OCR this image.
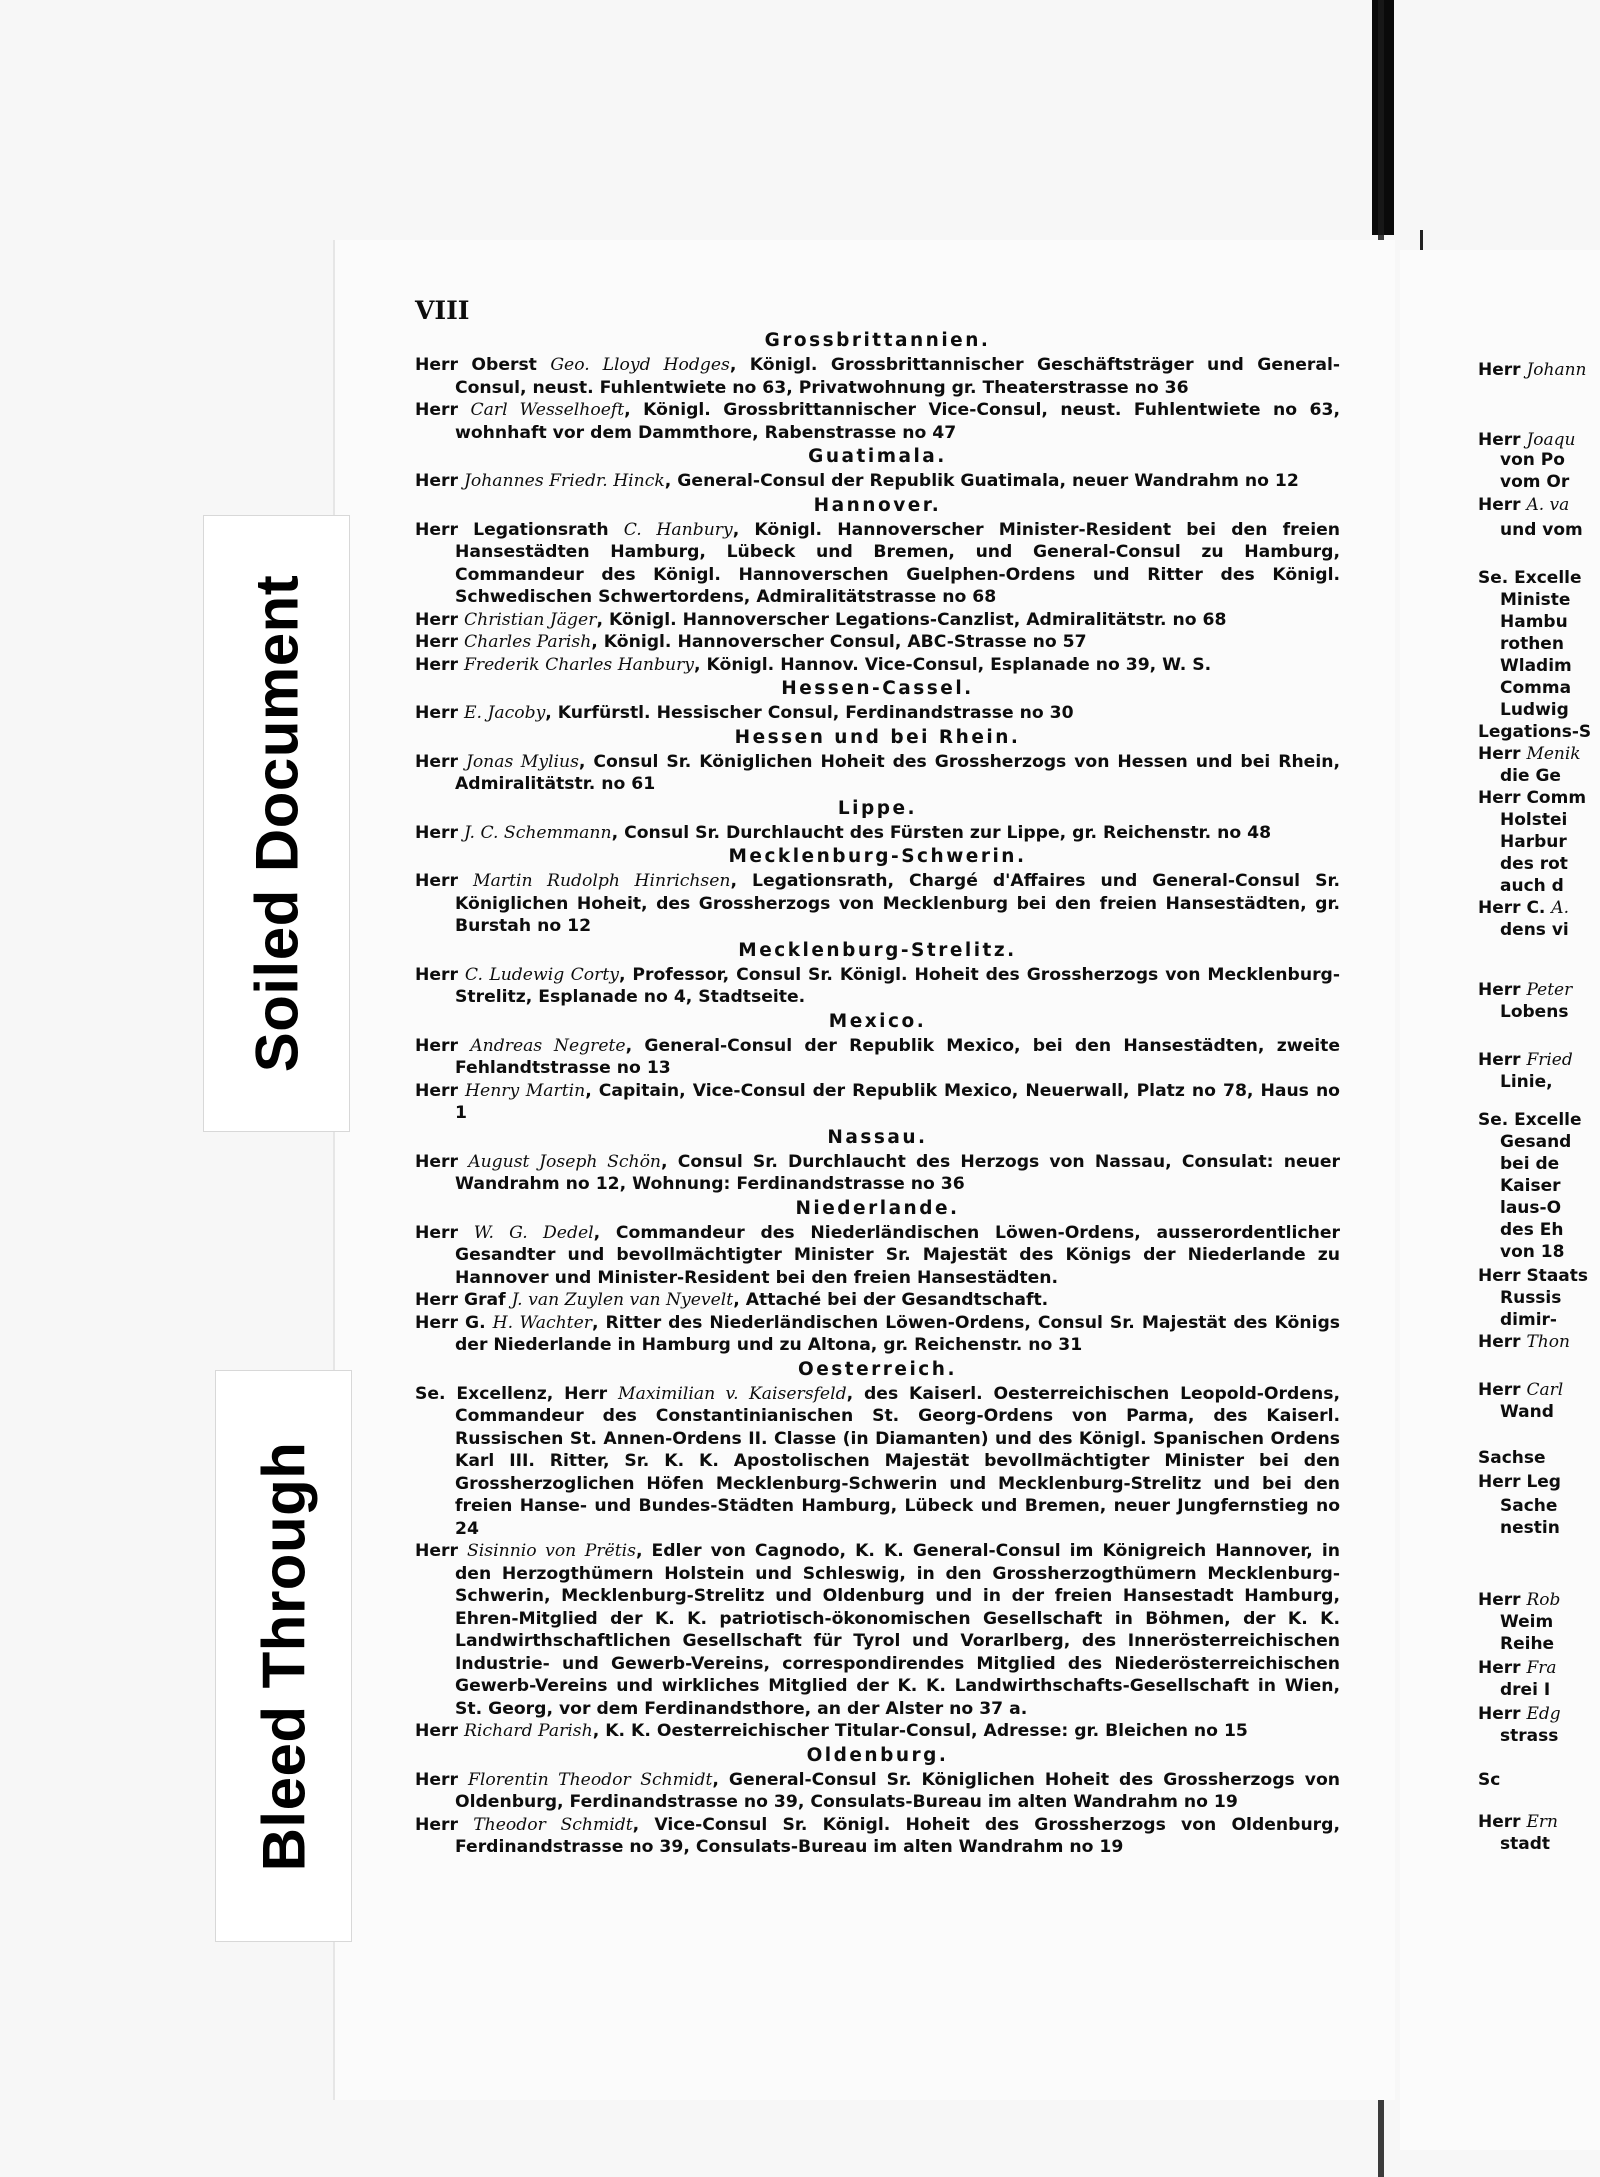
VIII
Grossbrittannien.
Herr Oberst Geo. Lloyd Hodges, Königl. Grossbrittannischer Geschäftsträger und General-Consul, neust. Fuhlentwiete no 63, Privatwohnung gr. Theaterstrasse no 36
Herr Carl Wesselhoeft, Königl. Grossbrittannischer Vice-Consul, neust. Fuhlentwiete no 63, wohnhaft vor dem Dammthore, Rabenstrasse no 47
Guatimala.
Herr Johannes Friedr. Hinck, General-Consul der Republik Guatimala, neuer Wandrahm no 12
Hannover.
Herr Legationsrath C. Hanbury, Königl. Hannoverscher Minister-Resident bei den freien Hansestädten Hamburg, Lübeck und Bremen, und General-Consul zu Hamburg, Commandeur des Königl. Hannoverschen Guelphen-Ordens und Ritter des Königl. Schwedischen Schwertordens, Admiralitätstrasse no 68
Herr Christian Jäger, Königl. Hannoverscher Legations-Canzlist, Admiralitätstr. no 68
Herr Charles Parish, Königl. Hannoverscher Consul, ABC-Strasse no 57
Herr Frederik Charles Hanbury, Königl. Hannov. Vice-Consul, Esplanade no 39, W. S.
Hessen-Cassel.
Herr E. Jacoby, Kurfürstl. Hessischer Consul, Ferdinandstrasse no 30
Hessen und bei Rhein.
Herr Jonas Mylius, Consul Sr. Königlichen Hoheit des Grossherzogs von Hessen und bei Rhein, Admiralitätstr. no 61
Lippe.
Herr J. C. Schemmann, Consul Sr. Durchlaucht des Fürsten zur Lippe, gr. Reichenstr. no 48
Mecklenburg-Schwerin.
Herr Martin Rudolph Hinrichsen, Legationsrath, Chargé d'Affaires und General-Consul Sr. Königlichen Hoheit, des Grossherzogs von Mecklenburg bei den freien Hansestädten, gr. Burstah no 12
Mecklenburg-Strelitz.
Herr C. Ludewig Corty, Professor, Consul Sr. Königl. Hoheit des Grossherzogs von Mecklenburg-Strelitz, Esplanade no 4, Stadtseite.
Mexico.
Herr Andreas Negrete, General-Consul der Republik Mexico, bei den Hansestädten, zweite Fehlandtstrasse no 13
Herr Henry Martin, Capitain, Vice-Consul der Republik Mexico, Neuerwall, Platz no 78, Haus no 1
Nassau.
Herr August Joseph Schön, Consul Sr. Durchlaucht des Herzogs von Nassau, Consulat: neuer Wandrahm no 12, Wohnung: Ferdinandstrasse no 36
Niederlande.
Herr W. G. Dedel, Commandeur des Niederländischen Löwen-Ordens, ausserordentlicher Gesandter und bevollmächtigter Minister Sr. Majestät des Königs der Niederlande zu Hannover und Minister-Resident bei den freien Hansestädten.
Herr Graf J. van Zuylen van Nyevelt, Attaché bei der Gesandtschaft.
Herr G. H. Wachter, Ritter des Niederländischen Löwen-Ordens, Consul Sr. Majestät des Königs der Niederlande in Hamburg und zu Altona, gr. Reichenstr. no 31
Oesterreich.
Se. Excellenz, Herr Maximilian v. Kaisersfeld, des Kaiserl. Oesterreichischen Leopold-Ordens, Commandeur des Constantinianischen St. Georg-Ordens von Parma, des Kaiserl. Russischen St. Annen-Ordens II. Classe (in Diamanten) und des Königl. Spanischen Ordens Karl III. Ritter, Sr. K. K. Apostolischen Majestät bevollmächtigter Minister bei den Grossherzoglichen Höfen Mecklenburg-Schwerin und Mecklenburg-Strelitz und bei den freien Hanse- und Bundes-Städten Hamburg, Lübeck und Bremen, neuer Jungfernstieg no 24
Herr Sisinnio von Prëtis, Edler von Cagnodo, K. K. General-Consul im Königreich Hannover, in den Herzogthümern Holstein und Schleswig, in den Grossherzogthümern Mecklenburg-Schwerin, Mecklenburg-Strelitz und Oldenburg und in der freien Hansestadt Hamburg, Ehren-Mitglied der K. K. patriotisch-ökonomischen Gesellschaft in Böhmen, der K. K. Landwirthschaftlichen Gesellschaft für Tyrol und Vorarlberg, des Innerösterreichischen Industrie- und Gewerb-Vereins, correspondirendes Mitglied des Niederösterreichischen Gewerb-Vereins und wirkliches Mitglied der K. K. Landwirthschafts-Gesellschaft in Wien, St. Georg, vor dem Ferdinandsthore, an der Alster no 37 a.
Herr Richard Parish, K. K. Oesterreichischer Titular-Consul, Adresse: gr. Bleichen no 15
Oldenburg.
Herr Florentin Theodor Schmidt, General-Consul Sr. Königlichen Hoheit des Grossherzogs von Oldenburg, Ferdinandstrasse no 39, Consulats-Bureau im alten Wandrahm no 19
Herr Theodor Schmidt, Vice-Consul Sr. Königl. Hoheit des Grossherzogs von Oldenburg, Ferdinandstrasse no 39, Consulats-Bureau im alten Wandrahm no 19
Herr Johann
Herr Joaqu
von Po
vom Or
Herr A. va
und vom
Se. Excelle
Ministe
Hambu
rothen
Wladim
Comma
Ludwig
Legations-S
Herr Menik
die Ge
Herr Comm
Holstei
Harbur
des rot
auch d
Herr C. A.
dens vi
Herr Peter
Lobens
Herr Fried
Linie,
Se. Excelle
Gesand
bei de
Kaiser
laus-O
des Eh
von 18
Herr Staats
Russis
dimir-
Herr Thon
Herr Carl
Wand
Sachse
Herr Leg
Sache
nestin
Herr Rob
Weim
Reihe
Herr Fra
drei I
Herr Edg
strass
Sc
Herr Ern
stadt
Soiled Document
Bleed Through
